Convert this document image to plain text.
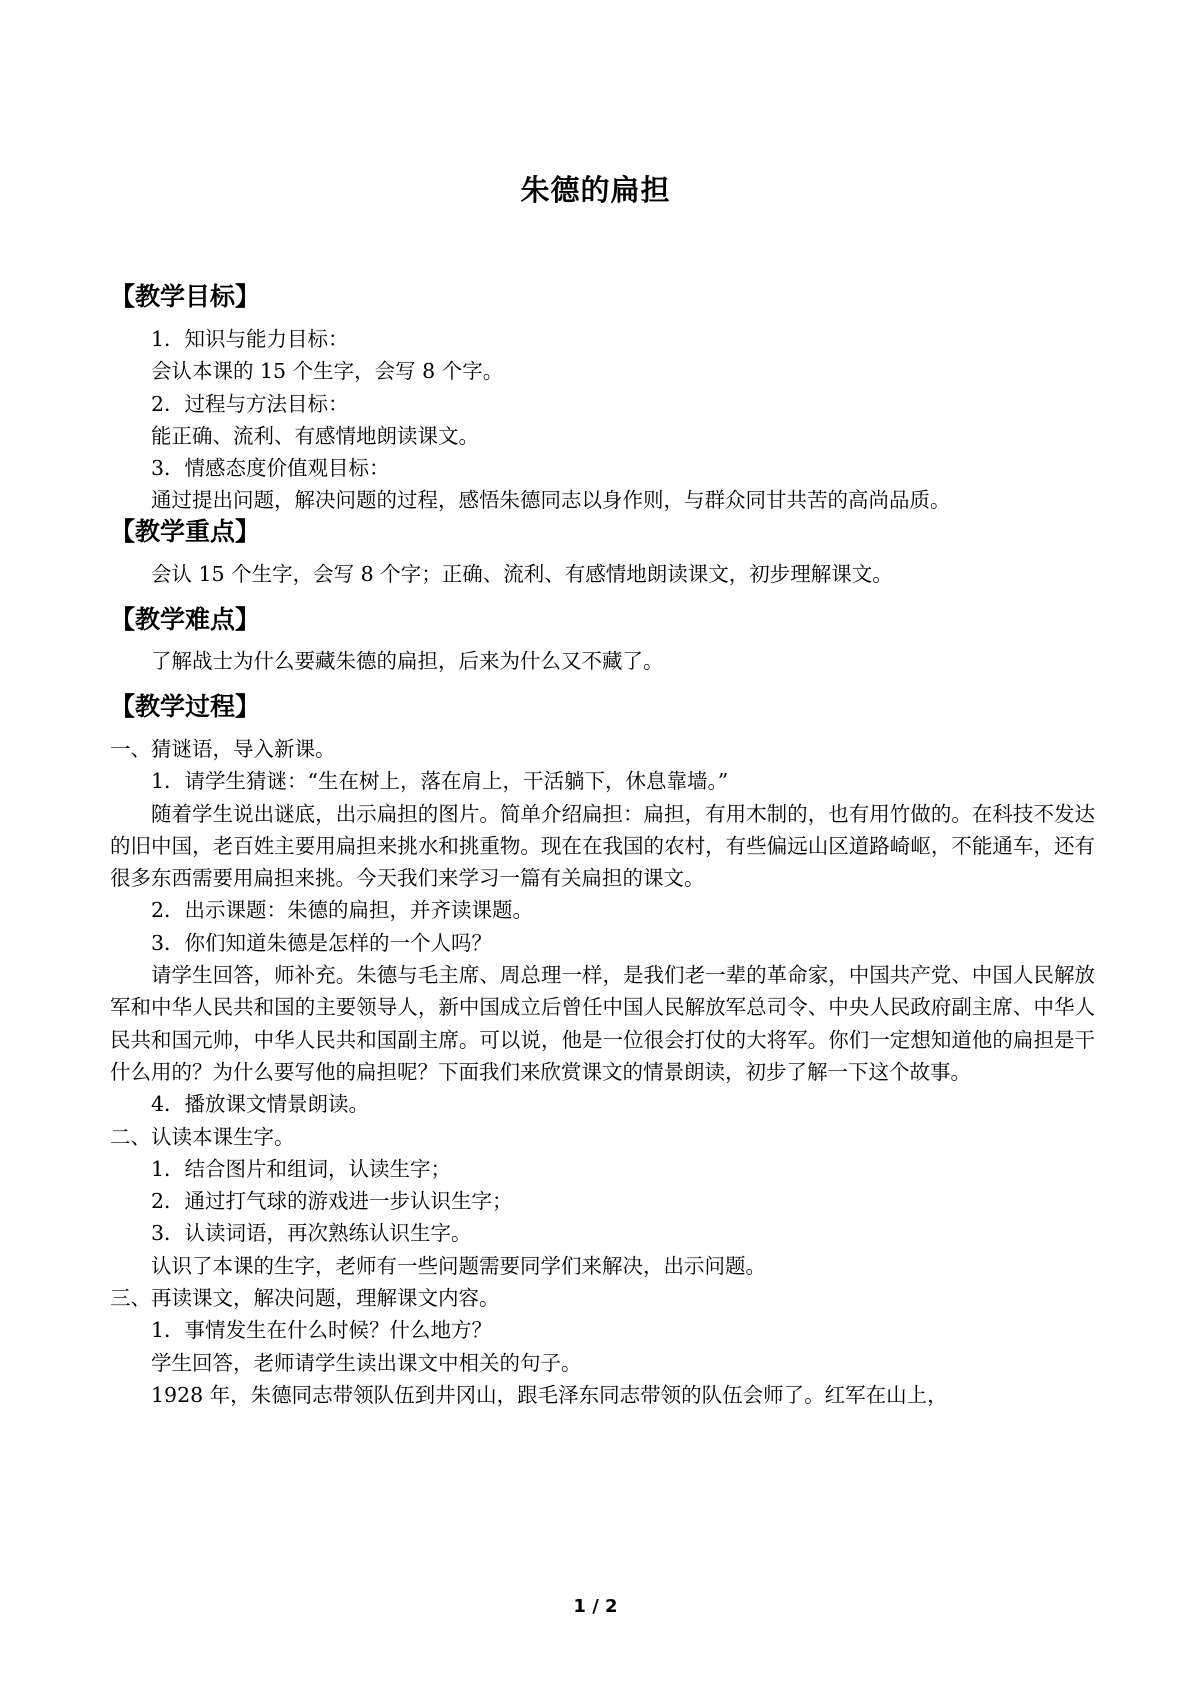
朱德的扁担
【教学目标】

1．知识与能力目标：

会认本课的 15 个生字，会写 8 个字。

2．过程与方法目标：

能正确、流利、有感情地朗读课文。

3．情感态度价值观目标：

通过提出问题，解决问题的过程，感悟朱德同志以身作则，与群众同甘共苦的高尚品质。

【教学重点】

会认 15 个生字，会写 8 个字；正确、流利、有感情地朗读课文，初步理解课文。

【教学难点】

了解战士为什么要藏朱德的扁担，后来为什么又不藏了。

【教学过程】

一、猜谜语，导入新课。

1．请学生猜谜：“生在树上，落在肩上，干活躺下，休息靠墙。”

随着学生说出谜底，出示扁担的图片。简单介绍扁担：扁担，有用木制的，也有用竹做的。在科技不发达的旧中国，老百姓主要用扁担来挑水和挑重物。现在在我国的农村，有些偏远山区道路崎岖，不能通车，还有很多东西需要用扁担来挑。今天我们来学习一篇有关扁担的课文。

2．出示课题：朱德的扁担，并齐读课题。

3．你们知道朱德是怎样的一个人吗？

请学生回答，师补充。朱德与毛主席、周总理一样，是我们老一辈的革命家，中国共产党、中国人民解放军和中华人民共和国的主要领导人，新中国成立后曾任中国人民解放军总司令、中央人民政府副主席、中华人民共和国元帅，中华人民共和国副主席。可以说，他是一位很会打仗的大将军。你们一定想知道他的扁担是干什么用的？为什么要写他的扁担呢？下面我们来欣赏课文的情景朗读，初步了解一下这个故事。

4．播放课文情景朗读。

二、认读本课生字。

1．结合图片和组词，认读生字；

2．通过打气球的游戏进一步认识生字；

3．认读词语，再次熟练认识生字。

认识了本课的生字，老师有一些问题需要同学们来解决，出示问题。

三、再读课文，解决问题，理解课文内容。

1．事情发生在什么时候？什么地方？

学生回答，老师请学生读出课文中相关的句子。

1928 年，朱德同志带领队伍到井冈山，跟毛泽东同志带领的队伍会师了。红军在山上，

1 / 2
